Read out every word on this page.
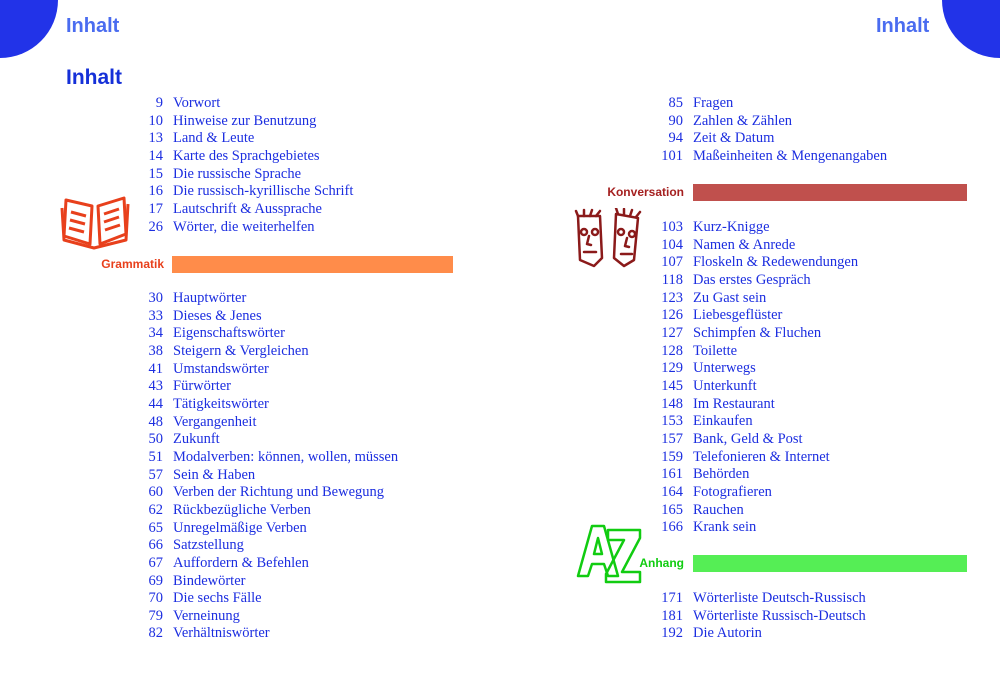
Inhalt	Inhalt
Inhalt
9 Vorwort
10 Hinweise zur Benutzung
13 Land & Leute
14 Karte des Sprachgebietes
15 Die russische Sprache
16 Die russisch-kyrillische Schrift
17 Lautschrift & Aussprache
26 Wörter, die weiterhelfen
Grammatik
30 Hauptwörter
33 Dieses & Jenes
34 Eigenschaftswörter
38 Steigern & Vergleichen
41 Umstandswörter
43 Fürwörter
44 Tätigkeitswörter
48 Vergangenheit
50 Zukunft
51 Modalverben: können, wollen, müssen
57 Sein & Haben
60 Verben der Richtung und Bewegung
62 Rückbezügliche Verben
65 Unregelmäßige Verben
66 Satzstellung
67 Auffordern & Befehlen
69 Bindewörter
70 Die sechs Fälle
79 Verneinung
82 Verhältniswörter
85 Fragen
90 Zahlen & Zählen
94 Zeit & Datum
101 Maßeinheiten & Mengenangaben
Konversation
103 Kurz-Knigge
104 Namen & Anrede
107 Floskeln & Redewendungen
118 Das erstes Gespräch
123 Zu Gast sein
126 Liebesgeflüster
127 Schimpfen & Fluchen
128 Toilette
129 Unterwegs
145 Unterkunft
148 Im Restaurant
153 Einkaufen
157 Bank, Geld & Post
159 Telefonieren & Internet
161 Behörden
164 Fotografieren
165 Rauchen
166 Krank sein
Anhang
171 Wörterliste Deutsch-Russisch
181 Wörterliste Russisch-Deutsch
192 Die Autorin
